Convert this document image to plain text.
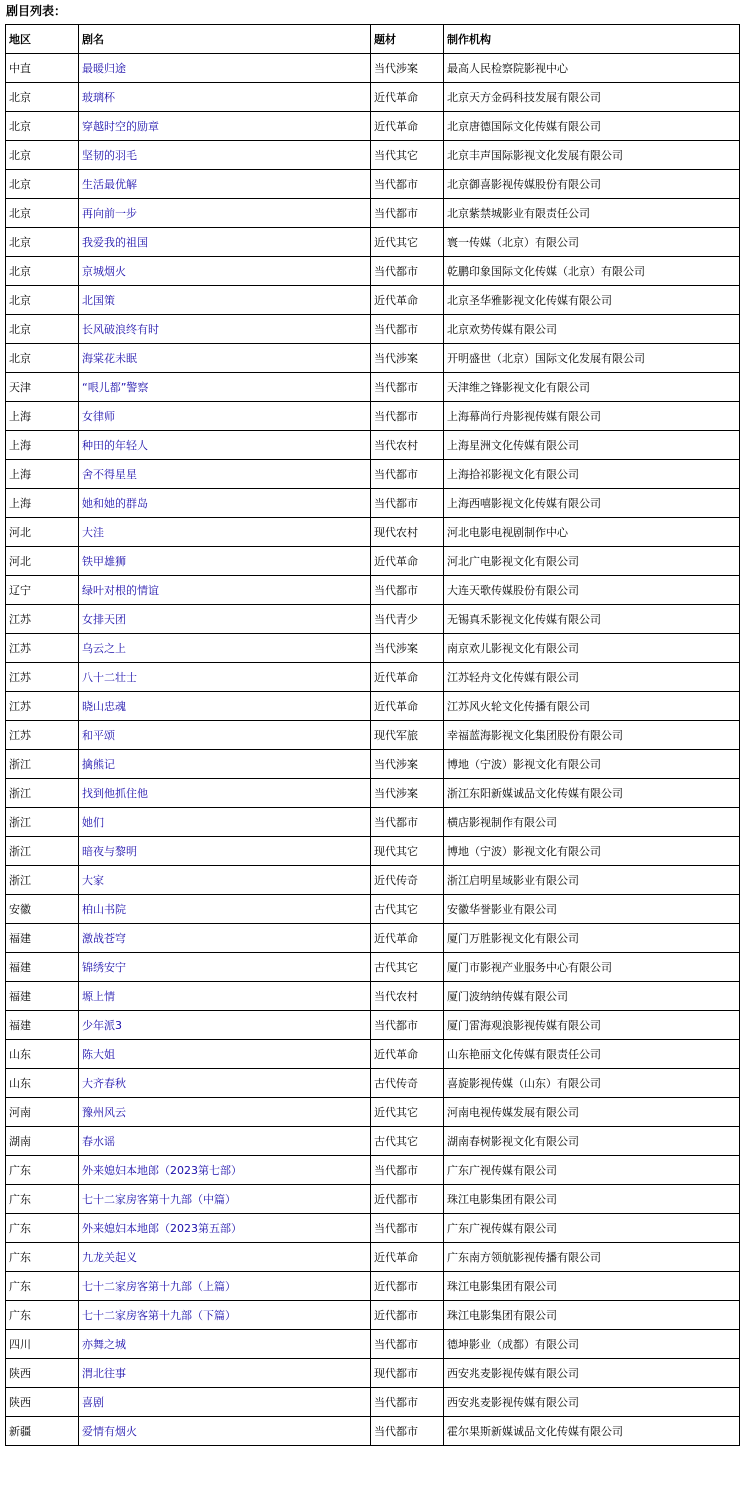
剧目列表：
地区	剧名	题材	制作机构
中直	最暖归途	当代涉案	最高人民检察院影视中心
北京	玻璃杯	近代革命	北京天方金码科技发展有限公司
北京	穿越时空的励章	近代革命	北京唐德国际文化传媒有限公司
北京	坚韧的羽毛	当代其它	北京丰声国际影视文化发展有限公司
北京	生活最优解	当代都市	北京御喜影视传媒股份有限公司
北京	再向前一步	当代都市	北京紫禁城影业有限责任公司
北京	我爱我的祖国	近代其它	寰一传媒（北京）有限公司
北京	京城烟火	当代都市	乾鹏印象国际文化传媒（北京）有限公司
北京	北国策	近代革命	北京圣华雅影视文化传媒有限公司
北京	长风破浪终有时	当代都市	北京欢势传媒有限公司
北京	海棠花未眠	当代涉案	开明盛世（北京）国际文化发展有限公司
天津	“哏儿都”警察	当代都市	天津维之锋影视文化有限公司
上海	女律师	当代都市	上海幕尚行舟影视传媒有限公司
上海	种田的年轻人	当代农村	上海星洲文化传媒有限公司
上海	舍不得星星	当代都市	上海拾祁影视文化有限公司
上海	她和她的群岛	当代都市	上海西嘻影视文化传媒有限公司
河北	大洼	现代农村	河北电影电视剧制作中心
河北	铁甲雄狮	近代革命	河北广电影视文化有限公司
辽宁	绿叶对根的情谊	当代都市	大连天歌传媒股份有限公司
江苏	女排天团	当代青少	无锡真禾影视文化传媒有限公司
江苏	乌云之上	当代涉案	南京欢儿影视文化有限公司
江苏	八十二壮士	近代革命	江苏轻舟文化传媒有限公司
江苏	晓山忠魂	近代革命	江苏风火轮文化传播有限公司
江苏	和平颂	现代军旅	幸福蓝海影视文化集团股份有限公司
浙江	擒熊记	当代涉案	博地（宁波）影视文化有限公司
浙江	找到他抓住他	当代涉案	浙江东阳新媒诚品文化传媒有限公司
浙江	她们	当代都市	横店影视制作有限公司
浙江	暗夜与黎明	现代其它	博地（宁波）影视文化有限公司
浙江	大家	近代传奇	浙江启明星域影业有限公司
安徽	柏山书院	古代其它	安徽华誉影业有限公司
福建	激战苍穹	近代革命	厦门万胜影视文化有限公司
福建	锦绣安宁	古代其它	厦门市影视产业服务中心有限公司
福建	塬上情	当代农村	厦门波纳纳传媒有限公司
福建	少年派3	当代都市	厦门雷海观浪影视传媒有限公司
山东	陈大姐	近代革命	山东艳丽文化传媒有限责任公司
山东	大齐春秋	古代传奇	喜旋影视传媒（山东）有限公司
河南	豫州风云	近代其它	河南电视传媒发展有限公司
湖南	春水谣	古代其它	湖南春树影视文化有限公司
广东	外来媳妇本地郎（2023第七部）	当代都市	广东广视传媒有限公司
广东	七十二家房客第十九部（中篇）	近代都市	珠江电影集团有限公司
广东	外来媳妇本地郎（2023第五部）	当代都市	广东广视传媒有限公司
广东	九龙关起义	近代革命	广东南方领航影视传播有限公司
广东	七十二家房客第十九部（上篇）	近代都市	珠江电影集团有限公司
广东	七十二家房客第十九部（下篇）	近代都市	珠江电影集团有限公司
四川	亦舞之城	当代都市	德坤影业（成都）有限公司
陕西	渭北往事	现代都市	西安兆麦影视传媒有限公司
陕西	喜剧	当代都市	西安兆麦影视传媒有限公司
新疆	爱情有烟火	当代都市	霍尔果斯新媒诚品文化传媒有限公司
